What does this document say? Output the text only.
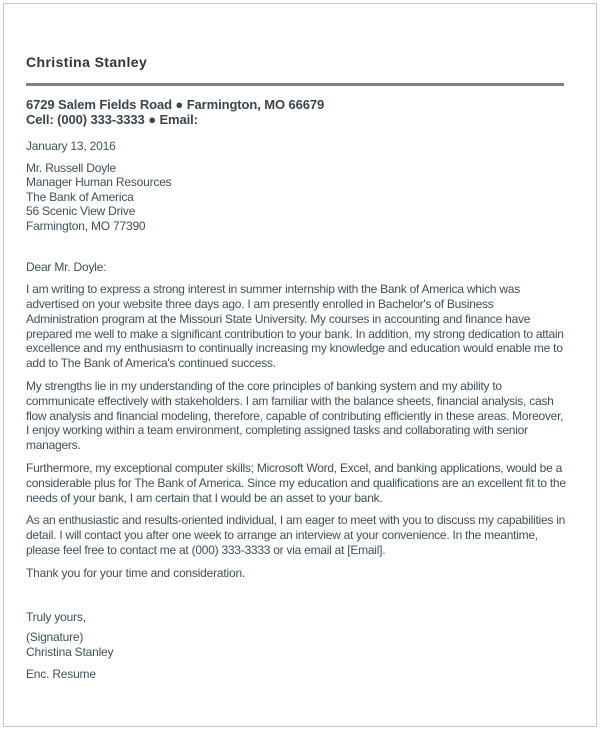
Christina Stanley
6729 Salem Fields Road ● Farmington, MO 66679
Cell: (000) 333-3333 ● Email:
January 13, 2016
Mr. Russell Doyle
Manager Human Resources
The Bank of America
56 Scenic View Drive
Farmington, MO 77390
Dear Mr. Doyle:

I am writing to express a strong interest in summer internship with the Bank of America which was advertised on your website three days ago. I am presently enrolled in Bachelor's of Business Administration program at the Missouri State University. My courses in accounting and finance have prepared me well to make a significant contribution to your bank. In addition, my strong dedication to attain excellence and my enthusiasm to continually increasing my knowledge and education would enable me to add to The Bank of America's continued success.

My strengths lie in my understanding of the core principles of banking system and my ability to communicate effectively with stakeholders. I am familiar with the balance sheets, financial analysis, cash flow analysis and financial modeling, therefore, capable of contributing efficiently in these areas. Moreover, I enjoy working within a team environment, completing assigned tasks and collaborating with senior managers.

Furthermore, my exceptional computer skills; Microsoft Word, Excel, and banking applications, would be a considerable plus for The Bank of America. Since my education and qualifications are an excellent fit to the needs of your bank, I am certain that I would be an asset to your bank.

As an enthusiastic and results-oriented individual, I am eager to meet with you to discuss my capabilities in detail. I will contact you after one week to arrange an interview at your convenience. In the meantime, please feel free to contact me at (000) 333-3333 or via email at [Email].

Thank you for your time and consideration.
Truly yours,
(Signature)
Christina Stanley
Enc. Resume
